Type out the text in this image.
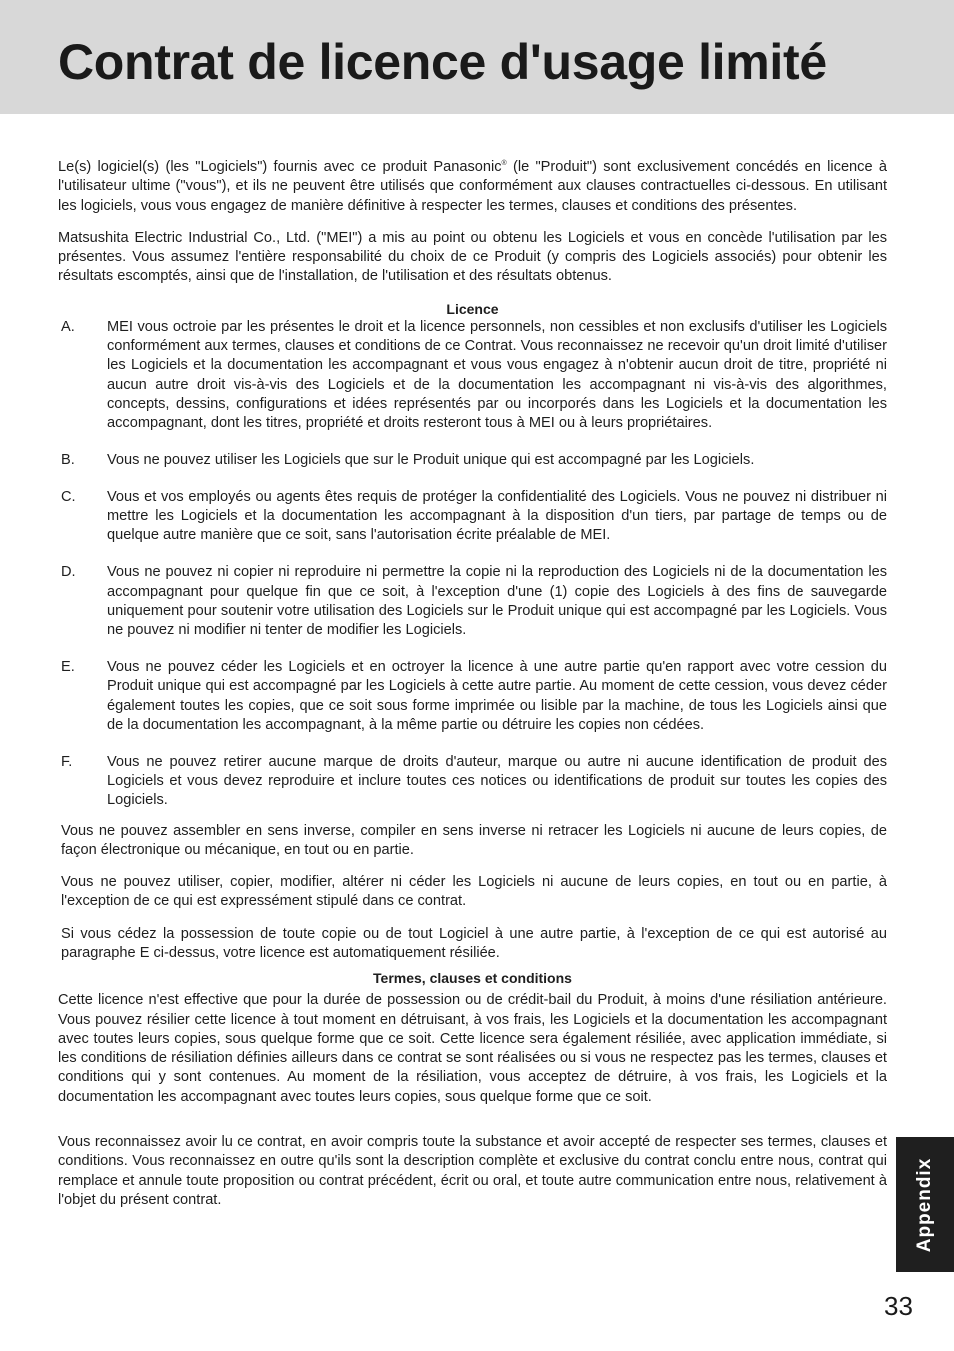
Contrat de licence d'usage limité

Le(s) logiciel(s) (les "Logiciels") fournis avec ce produit Panasonic® (le "Produit") sont exclusivement concédés en licence à l'utilisateur ultime ("vous"), et ils ne peuvent être utilisés que conformément aux clauses contractuelles ci-dessous. En utilisant les logiciels, vous vous engagez de manière définitive à respecter les termes, clauses et conditions des présentes.

Matsushita Electric Industrial Co., Ltd. ("MEI") a mis au point ou obtenu les Logiciels et vous en concède l'utilisation par les présentes. Vous assumez l'entière responsabilité du choix de ce Produit (y compris des Logiciels associés) pour obtenir les résultats escomptés, ainsi que de l'installation, de l'utilisation et des résultats obtenus.

Licence
A.	MEI vous octroie par les présentes le droit et la licence personnels, non cessibles et non exclusifs d'utiliser les Logiciels conformément aux termes, clauses et conditions de ce Contrat. Vous reconnaissez ne recevoir qu'un droit limité d'utiliser les Logiciels et la documentation les accompagnant et vous vous engagez à n'obtenir aucun droit de titre, propriété ni aucun autre droit vis-à-vis des Logiciels et de la documentation les accompagnant ni vis-à-vis des algorithmes, concepts, dessins, configurations et idées représentés par ou incorporés dans les Logiciels et la documentation les accompagnant, dont les titres, propriété et droits resteront tous à MEI ou à leurs propriétaires.
B.	Vous ne pouvez utiliser les Logiciels que sur le Produit unique qui est accompagné par les Logiciels.
C.	Vous et vos employés ou agents êtes requis de protéger la confidentialité des Logiciels. Vous ne pouvez ni distribuer ni mettre les Logiciels et la documentation les accompagnant à la disposition d'un tiers, par partage de temps ou de quelque autre manière que ce soit, sans l'autorisation écrite préalable de MEI.
D.	Vous ne pouvez ni copier ni reproduire ni permettre la copie ni la reproduction des Logiciels ni de la documentation les accompagnant pour quelque fin que ce soit, à l'exception d'une (1) copie des Logiciels à des fins de sauvegarde uniquement pour soutenir votre utilisation des Logiciels sur le Produit unique qui est accompagné par les Logiciels. Vous ne pouvez ni modifier ni tenter de modifier les Logiciels.
E.	Vous ne pouvez céder les Logiciels et en octroyer la licence à une autre partie qu'en rapport avec votre cession du Produit unique qui est accompagné par les Logiciels à cette autre partie. Au moment de cette cession, vous devez céder également toutes les copies, que ce soit sous forme imprimée ou lisible par la machine, de tous les Logiciels ainsi que de la documentation les accompagnant, à la même partie ou détruire les copies non cédées.
F.	Vous ne pouvez retirer aucune marque de droits d'auteur, marque ou autre ni aucune identification de produit des Logiciels et vous devez reproduire et inclure toutes ces notices ou identifications de produit sur toutes les copies des Logiciels.

Vous ne pouvez assembler en sens inverse, compiler en sens inverse ni retracer les Logiciels ni aucune de leurs copies, de façon électronique ou mécanique, en tout ou en partie.

Vous ne pouvez utiliser, copier, modifier, altérer ni céder les Logiciels ni aucune de leurs copies, en tout ou en partie, à l'exception de ce qui est expressément stipulé dans ce contrat.

Si vous cédez la possession de toute copie ou de tout Logiciel à une autre partie, à l'exception de ce qui est autorisé au paragraphe E ci-dessus, votre licence est automatiquement résiliée.

Termes, clauses et conditions

Cette licence n'est effective que pour la durée de possession ou de crédit-bail du Produit, à moins d'une résiliation antérieure. Vous pouvez résilier cette licence à tout moment en détruisant, à vos frais, les Logiciels et la documentation les accompagnant avec toutes leurs copies, sous quelque forme que ce soit. Cette licence sera également résiliée, avec application immédiate, si les conditions de résiliation définies ailleurs dans ce contrat se sont réalisées ou si vous ne respectez pas les termes, clauses et conditions qui y sont contenues. Au moment de la résiliation, vous acceptez de détruire, à vos frais, les Logiciels et la documentation les accompagnant avec toutes leurs copies, sous quelque forme que ce soit.

Vous reconnaissez avoir lu ce contrat, en avoir compris toute la substance et avoir accepté de respecter ses termes, clauses et conditions. Vous reconnaissez en outre qu'ils sont la description complète et exclusive du contrat conclu entre nous, contrat qui remplace et annule toute proposition ou contrat précédent, écrit ou oral, et toute autre communication entre nous, relativement à l'objet du présent contrat.	Appendix
33
